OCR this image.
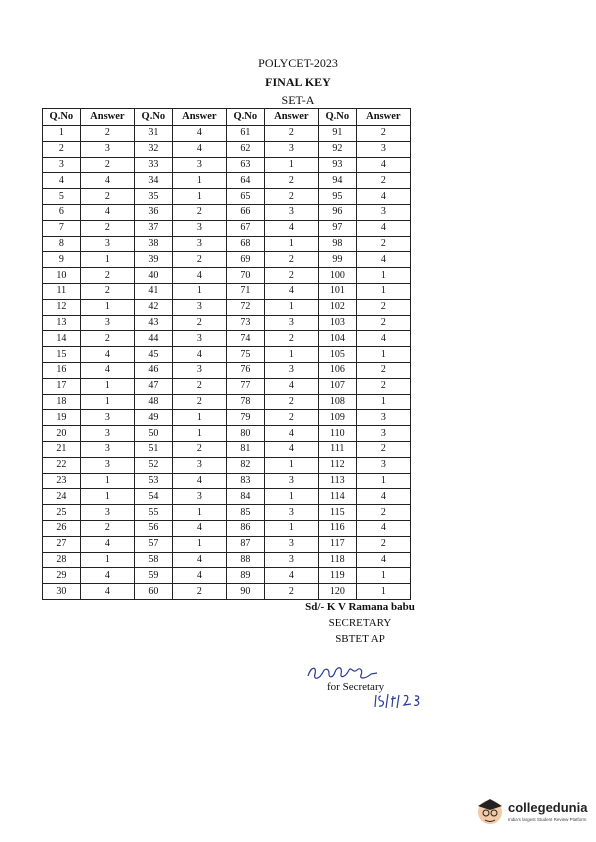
POLYCET-2023
FINAL KEY
SET-A
Q.No	Answer	Q.No	Answer	Q.No	Answer	Q.No	Answer
1	2	31	4	61	2	91	2
2	3	32	4	62	3	92	3
3	2	33	3	63	1	93	4
4	4	34	1	64	2	94	2
5	2	35	1	65	2	95	4
6	4	36	2	66	3	96	3
7	2	37	3	67	4	97	4
8	3	38	3	68	1	98	2
9	1	39	2	69	2	99	4
10	2	40	4	70	2	100	1
11	2	41	1	71	4	101	1
12	1	42	3	72	1	102	2
13	3	43	2	73	3	103	2
14	2	44	3	74	2	104	4
15	4	45	4	75	1	105	1
16	4	46	3	76	3	106	2
17	1	47	2	77	4	107	2
18	1	48	2	78	2	108	1
19	3	49	1	79	2	109	3
20	3	50	1	80	4	110	3
21	3	51	2	81	4	111	2
22	3	52	3	82	1	112	3
23	1	53	4	83	3	113	1
24	1	54	3	84	1	114	4
25	3	55	1	85	3	115	2
26	2	56	4	86	1	116	4
27	4	57	1	87	3	117	2
28	1	58	4	88	3	118	4
29	4	59	4	89	4	119	1
30	4	60	2	90	2	120	1
Sd/- K V Ramana babu
SECRETARY
SBTET AP
for Secretary
collegedunia
India's largest Student Review Platform
